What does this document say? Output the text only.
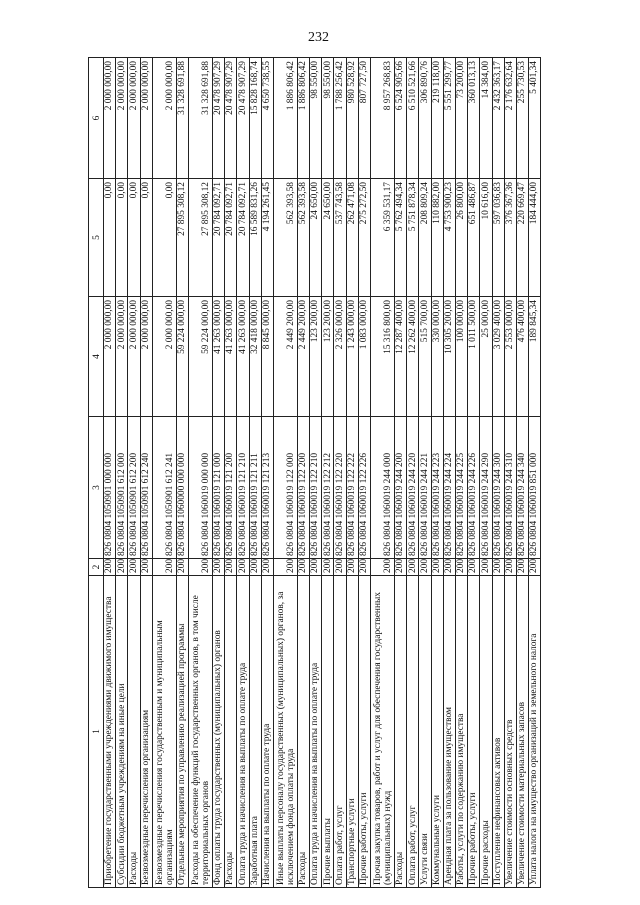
232
1	2	3	4	5	6
Приобретение государственными учреждениями движимого имущества	200	826 0804 1050901 000 000	2 000 000,00	0,00	2 000 000,00
Субсидии бюджетным учреждениям на иные цели	200	826 0804 1050901 612 000	2 000 000,00	0,00	2 000 000,00
Расходы	200	826 0804 1050901 612 200	2 000 000,00	0,00	2 000 000,00
Безвозмездные перечисления организациям	200	826 0804 1050901 612 240	2 000 000,00	0,00	2 000 000,00
Безвозмездные перечисления государственным и муниципальным организациям	200	826 0804 1050901 612 241	2 000 000,00	0,00	2 000 000,00
Отдельные мероприятия по управлению реализацией программы	200	826 0804 1060000 000 000	59 224 000,00	27 895 308,12	31 328 691,88
Расходы на обеспечение функций государственных органов, в том числе территориальных органов	200	826 0804 1060019 000 000	59 224 000,00	27 895 308,12	31 328 691,88
Фонд оплаты труда государственных (муниципальных) органов	200	826 0804 1060019 121 000	41 263 000,00	20 784 092,71	20 478 907,29
Расходы	200	826 0804 1060019 121 200	41 263 000,00	20 784 092,71	20 478 907,29
Оплата труда и начисления на выплаты по оплате труда	200	826 0804 1060019 121 210	41 263 000,00	20 784 092,71	20 478 907,29
Заработная плата	200	826 0804 1060019 121 211	32 418 000,00	16 589 831,26	15 828 168,74
Начисления на выплаты по оплате труда	200	826 0804 1060019 121 213	8 845 000,00	4 194 261,45	4 650 738,55
Иные выплаты персоналу государственных (муниципальных) органов, за исключением фонда оплаты труда	200	826 0804 1060019 122 000	2 449 200,00	562 393,58	1 886 806,42
Расходы	200	826 0804 1060019 122 200	2 449 200,00	562 393,58	1 886 806,42
Оплата труда и начисления на выплаты по оплате труда	200	826 0804 1060019 122 210	123 200,00	24 650,00	98 550,00
Прочие выплаты	200	826 0804 1060019 122 212	123 200,00	24 650,00	98 550,00
Оплата работ, услуг	200	826 0804 1060019 122 220	2 326 000,00	537 743,58	1 788 256,42
Транспортные услуги	200	826 0804 1060019 122 222	1 243 000,00	262 471,08	980 528,92
Прочие работы, услуги	200	826 0804 1060019 122 226	1 083 000,00	275 272,50	807 727,50
Прочая закупка товаров, работ и услуг для обеспечения государственных (муниципальных) нужд	200	826 0804 1060019 244 000	15 316 800,00	6 359 531,17	8 957 268,83
Расходы	200	826 0804 1060019 244 200	12 287 400,00	5 762 494,34	6 524 905,66
Оплата работ, услуг	200	826 0804 1060019 244 220	12 262 400,00	5 751 878,34	6 510 521,66
Услуги связи	200	826 0804 1060019 244 221	515 700,00	208 809,24	306 890,76
Коммунальные услуги	200	826 0804 1060019 244 223	330 000,00	110 882,00	219 118,00
Арендная плата за пользование имуществом	200	826 0804 1060019 244 224	10 305 200,00	4 753 900,23	5 551 299,77
Работы, услуги по содержанию имущества	200	826 0804 1060019 244 225	100 000,00	26 800,00	73 200,00
Прочие работы, услуги	200	826 0804 1060019 244 226	1 011 500,00	651 486,87	360 013,13
Прочие расходы	200	826 0804 1060019 244 290	25 000,00	10 616,00	14 384,00
Поступление нефинансовых активов	200	826 0804 1060019 244 300	3 029 400,00	597 036,83	2 432 363,17
Увеличение стоимости основных средств	200	826 0804 1060019 244 310	2 553 000,00	376 367,36	2 176 632,64
Увеличение стоимости материальных запасов	200	826 0804 1060019 244 340	476 400,00	220 669,47	255 730,53
Уплата налога на имущество организаций и земельного налога	200	826 0804 1060019 851 000	189 845,34	184 444,00	5 401,34
